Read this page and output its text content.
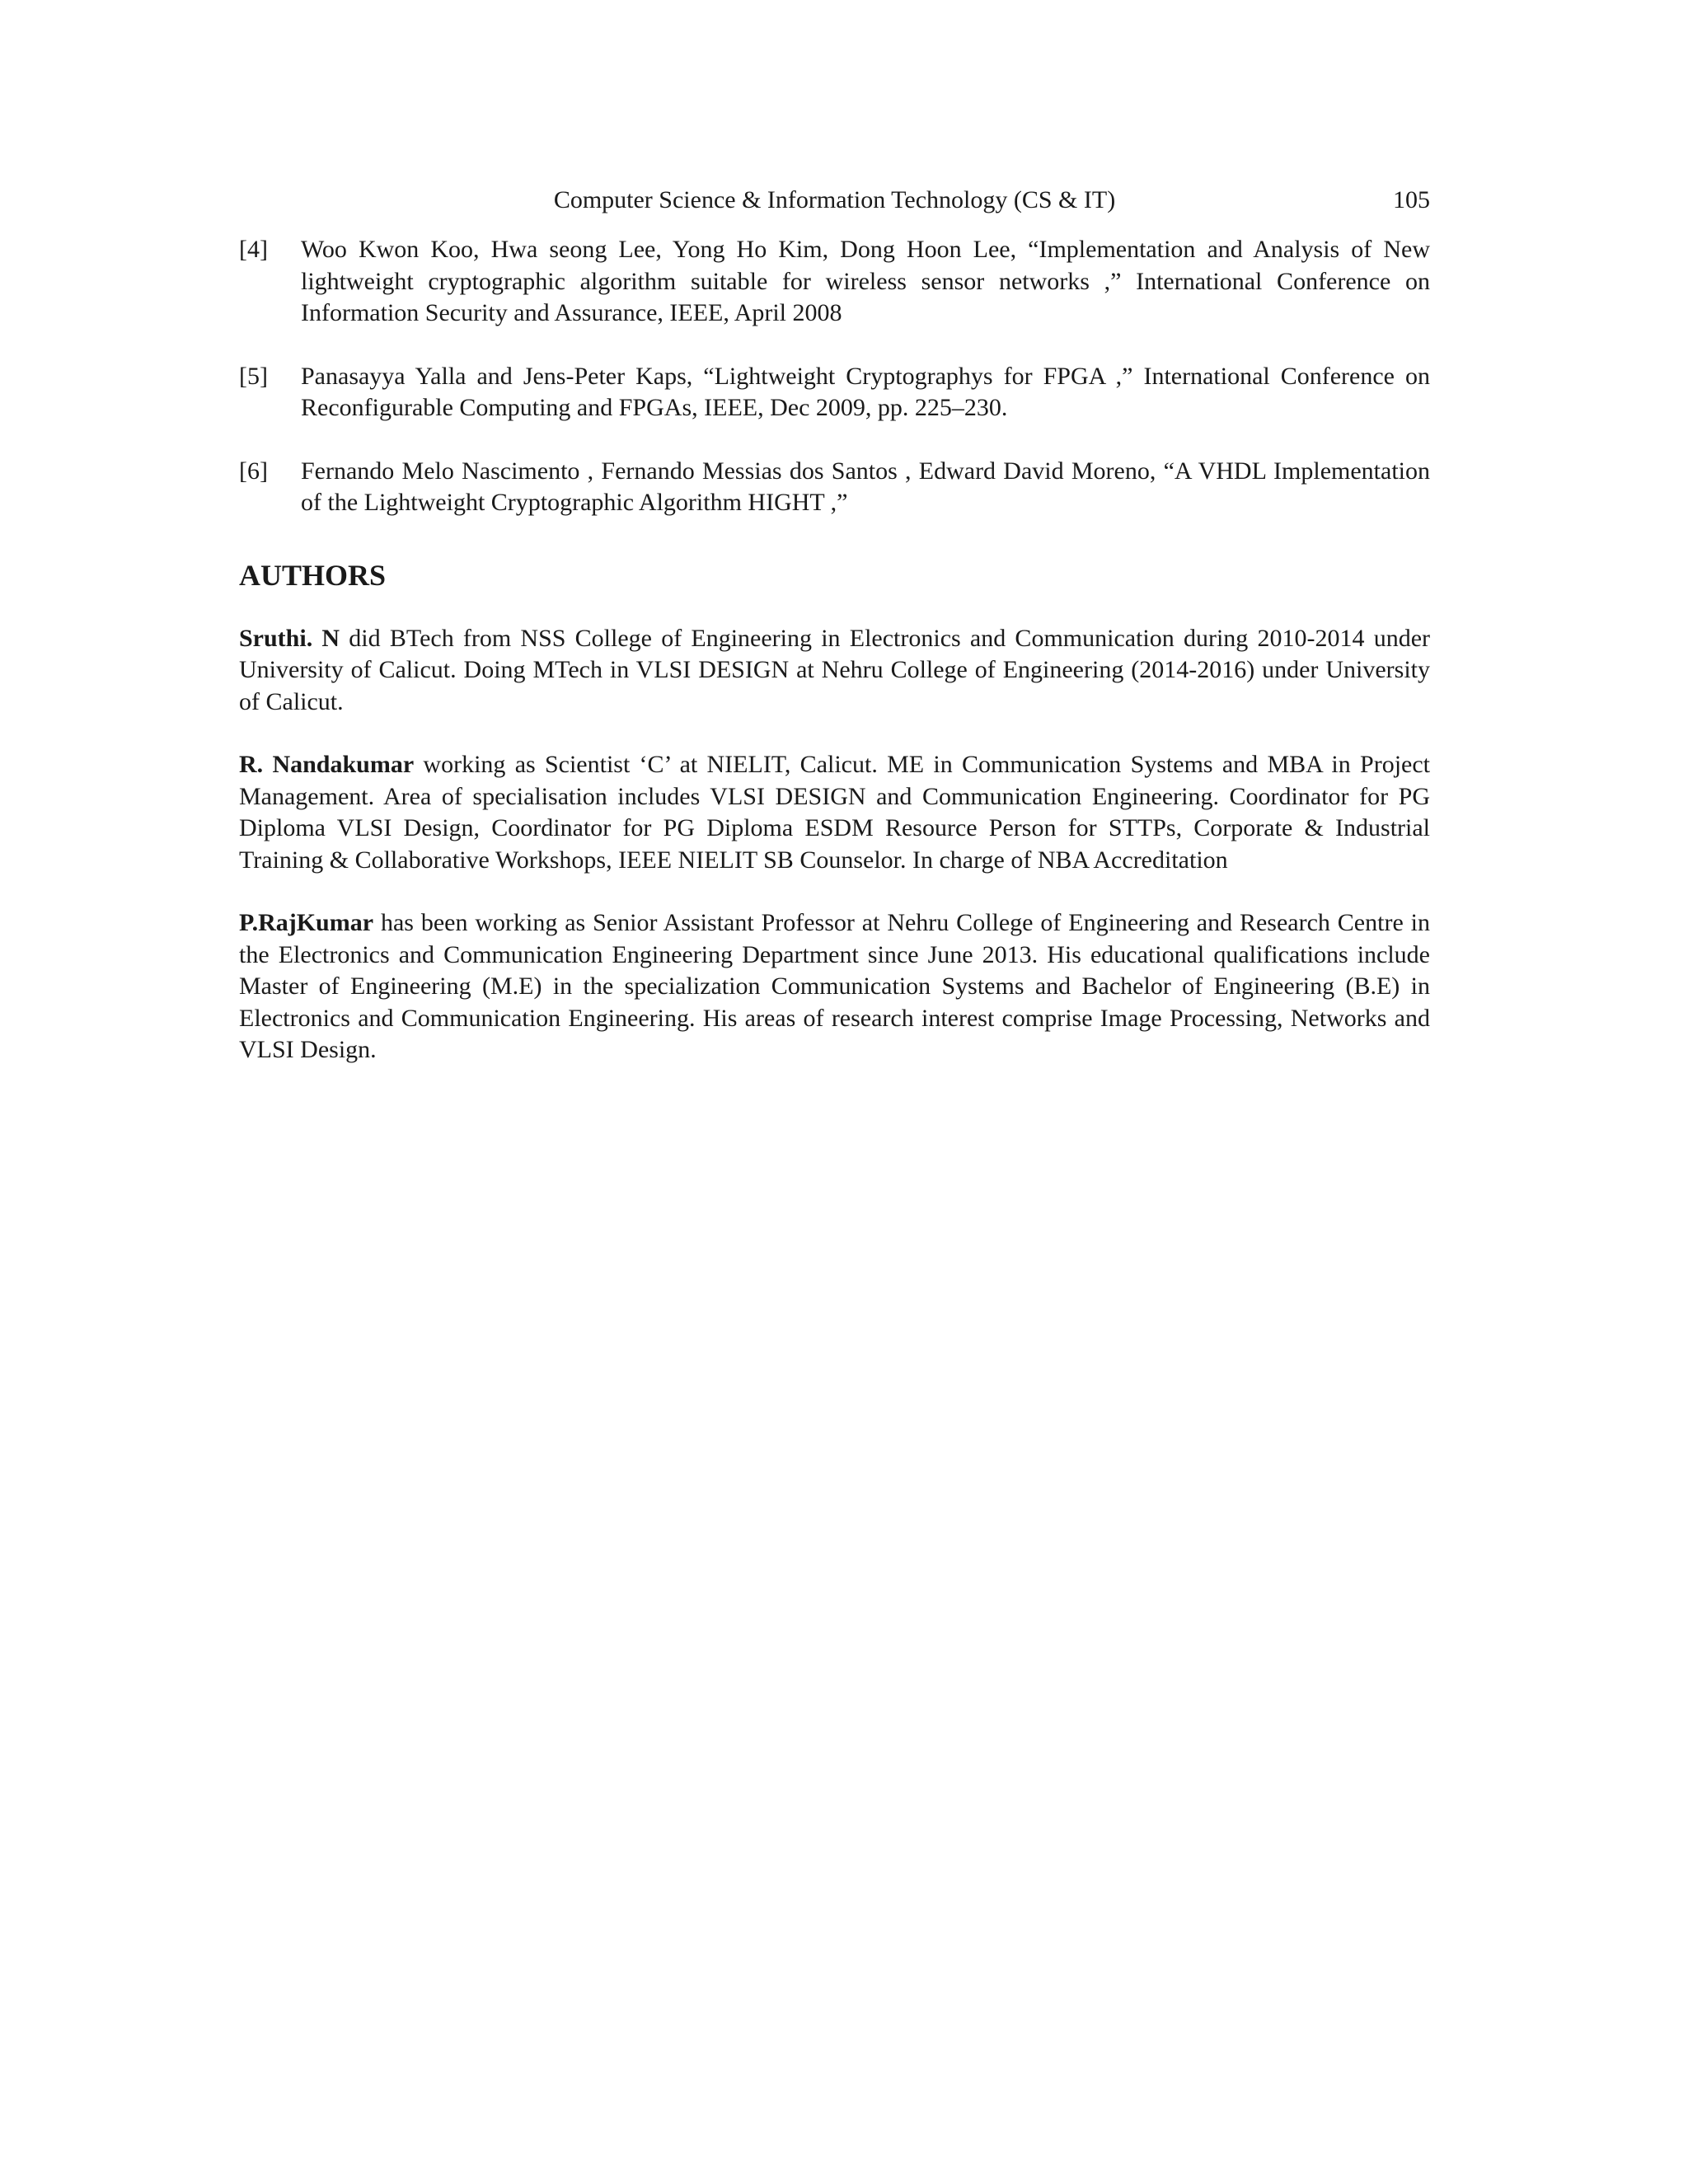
Computer Science & Information Technology (CS & IT)	105
[4]	Woo Kwon Koo, Hwa seong Lee, Yong Ho Kim, Dong Hoon Lee, “Implementation and Analysis of New lightweight cryptographic algorithm suitable for wireless sensor networks ,” International Conference on Information Security and Assurance, IEEE, April 2008
[5]	Panasayya Yalla and Jens-Peter Kaps, “Lightweight Cryptographys for FPGA ,” International Conference on Reconfigurable Computing and FPGAs, IEEE, Dec 2009, pp. 225–230.
[6]	Fernando Melo Nascimento , Fernando Messias dos Santos , Edward David Moreno, “A VHDL Implementation of the Lightweight Cryptographic Algorithm HIGHT ,”
AUTHORS

Sruthi. N did BTech from NSS College of Engineering in Electronics and Communication during 2010-2014 under University of Calicut. Doing MTech in VLSI DESIGN at Nehru College of Engineering (2014-2016) under University of Calicut.

R. Nandakumar working as Scientist ‘C’ at NIELIT, Calicut. ME in Communication Systems and MBA in Project Management. Area of specialisation includes VLSI DESIGN and Communication Engineering. Coordinator for PG Diploma VLSI Design, Coordinator for PG Diploma ESDM Resource Person for STTPs, Corporate & Industrial Training & Collaborative Workshops, IEEE NIELIT SB Counselor. In charge of NBA Accreditation

P.RajKumar has been working as Senior Assistant Professor at Nehru College of Engineering and Research Centre in the Electronics and Communication Engineering Department since June 2013. His educational qualifications include Master of Engineering (M.E) in the specialization Communication Systems and Bachelor of Engineering (B.E) in Electronics and Communication Engineering. His areas of research interest comprise Image Processing, Networks and VLSI Design.
